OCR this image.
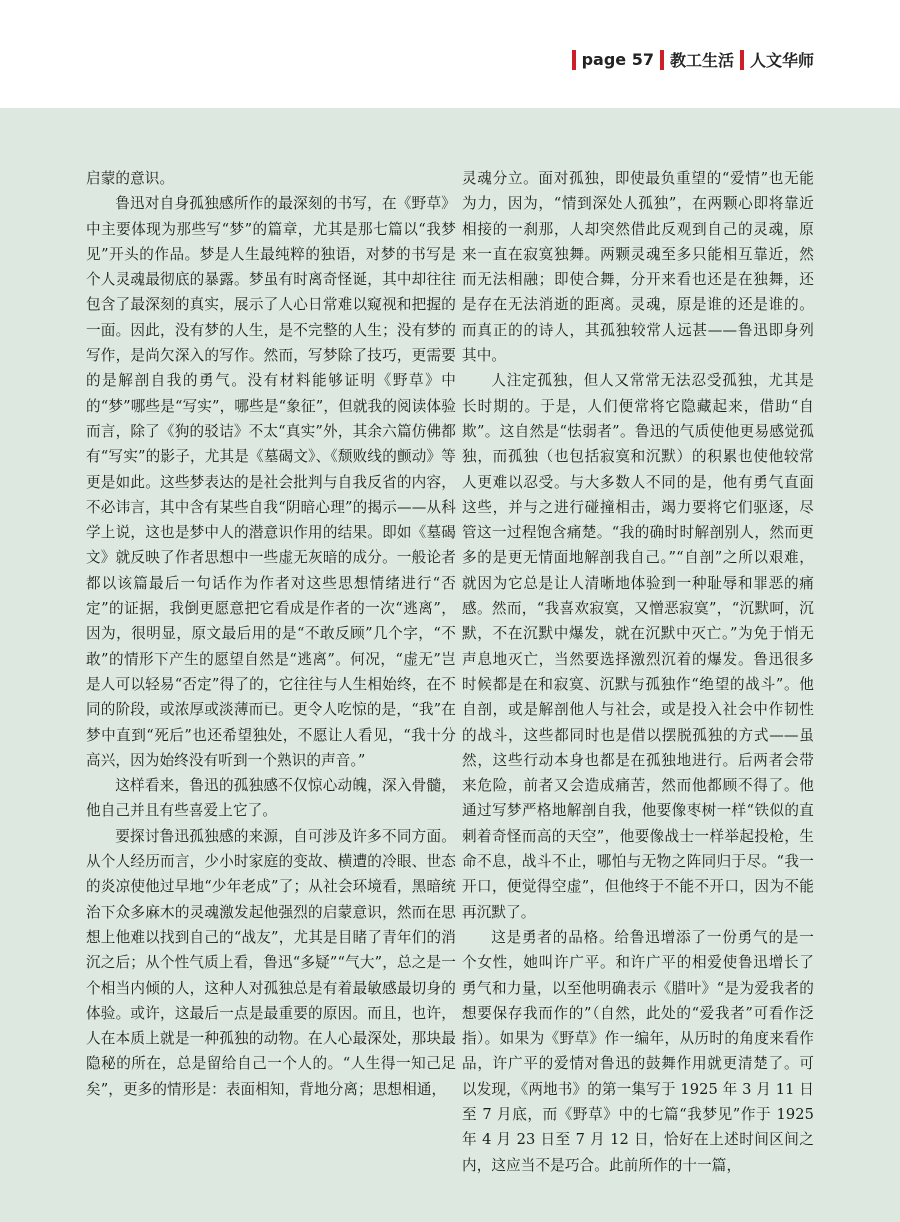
page 57 教工生活 人文华师

启蒙的意识。

鲁迅对自身孤独感所作的最深刻的书写，在《野草》中主要体现为那些写“梦”的篇章，尤其是那七篇以“我梦见”开头的作品。梦是人生最纯粹的独语，对梦的书写是个人灵魂最彻底的暴露。梦虽有时离奇怪诞，其中却往往包含了最深刻的真实，展示了人心日常难以窥视和把握的一面。因此，没有梦的人生，是不完整的人生；没有梦的写作，是尚欠深入的写作。然而，写梦除了技巧，更需要的是解剖自我的勇气。没有材料能够证明《野草》中的“梦”哪些是“写实”，哪些是“象征”，但就我的阅读体验而言，除了《狗的驳诘》不太“真实”外，其余六篇仿佛都有“写实”的影子，尤其是《墓碣文》、《颓败线的颤动》等更是如此。这些梦表达的是社会批判与自我反省的内容，不必讳言，其中含有某些自我“阴暗心理”的揭示——从科学上说，这也是梦中人的潜意识作用的结果。即如《墓碣文》就反映了作者思想中一些虚无灰暗的成分。一般论者都以该篇最后一句话作为作者对这些思想情绪进行“否定”的证据，我倒更愿意把它看成是作者的一次“逃离”，因为，很明显，原文最后用的是“不敢反顾”几个字，“不敢”的情形下产生的愿望自然是“逃离”。何况，“虚无”岂是人可以轻易“否定”得了的，它往往与人生相始终，在不同的阶段，或浓厚或淡薄而已。更令人吃惊的是，“我”在梦中直到“死后”也还希望独处，不愿让人看见，“我十分高兴，因为始终没有听到一个熟识的声音。”

这样看来，鲁迅的孤独感不仅惊心动魄，深入骨髓，他自己并且有些喜爱上它了。

要探讨鲁迅孤独感的来源，自可涉及许多不同方面。从个人经历而言，少小时家庭的变故、横遭的冷眼、世态的炎凉使他过早地“少年老成”了；从社会环境看，黑暗统治下众多麻木的灵魂激发起他强烈的启蒙意识，然而在思想上他难以找到自己的“战友”，尤其是目睹了青年们的消沉之后；从个性气质上看，鲁迅“多疑”“气大”，总之是一个相当内倾的人，这种人对孤独总是有着最敏感最切身的体验。或许，这最后一点是最重要的原因。而且，也许，人在本质上就是一种孤独的动物。在人心最深处，那块最隐秘的所在，总是留给自己一个人的。“人生得一知己足矣”，更多的情形是：表面相知，背地分离；思想相通，

灵魂分立。面对孤独，即使最负重望的“爱情”也无能为力，因为，“情到深处人孤独”，在两颗心即将靠近相接的一刹那，人却突然借此反观到自己的灵魂，原来一直在寂寞独舞。两颗灵魂至多只能相互靠近，然而无法相融；即使合舞，分开来看也还是在独舞，还是存在无法消逝的距离。灵魂，原是谁的还是谁的。而真正的的诗人，其孤独较常人远甚——鲁迅即身列其中。

人注定孤独，但人又常常无法忍受孤独，尤其是长时期的。于是，人们便常将它隐藏起来，借助“自欺”。这自然是“怯弱者”。鲁迅的气质使他更易感觉孤独，而孤独（也包括寂寞和沉默）的积累也使他较常人更难以忍受。与大多数人不同的是，他有勇气直面这些，并与之进行碰撞相击，竭力要将它们驱逐，尽管这一过程饱含痛楚。“我的确时时解剖别人，然而更多的是更无情面地解剖我自己。”“自剖”之所以艰难，就因为它总是让人清晰地体验到一种耻辱和罪恶的痛感。然而，“我喜欢寂寞，又憎恶寂寞”，“沉默呵，沉默，不在沉默中爆发，就在沉默中灭亡。”为免于悄无声息地灭亡，当然要选择激烈沉着的爆发。鲁迅很多时候都是在和寂寞、沉默与孤独作“绝望的战斗”。他自剖，或是解剖他人与社会，或是投入社会中作韧性的战斗，这些都同时也是借以摆脱孤独的方式——虽然，这些行动本身也都是在孤独地进行。后两者会带来危险，前者又会造成痛苦，然而他都顾不得了。他通过写梦严格地解剖自我，他要像枣树一样“铁似的直刺着奇怪而高的天空”，他要像战士一样举起投枪，生命不息，战斗不止，哪怕与无物之阵同归于尽。“我一开口，便觉得空虚”，但他终于不能不开口，因为不能再沉默了。

这是勇者的品格。给鲁迅增添了一份勇气的是一个女性，她叫许广平。和许广平的相爱使鲁迅增长了勇气和力量，以至他明确表示《腊叶》“是为爱我者的想要保存我而作的”（自然，此处的“爱我者”可看作泛指）。如果为《野草》作一编年，从历时的角度来看作品，许广平的爱情对鲁迅的鼓舞作用就更清楚了。可以发现，《两地书》的第一集写于 1925 年 3 月 11 日至 7 月底，而《野草》中的七篇“我梦见”作于 1925 年 4 月 23 日至 7 月 12 日，恰好在上述时间区间之内，这应当不是巧合。此前所作的十一篇，
